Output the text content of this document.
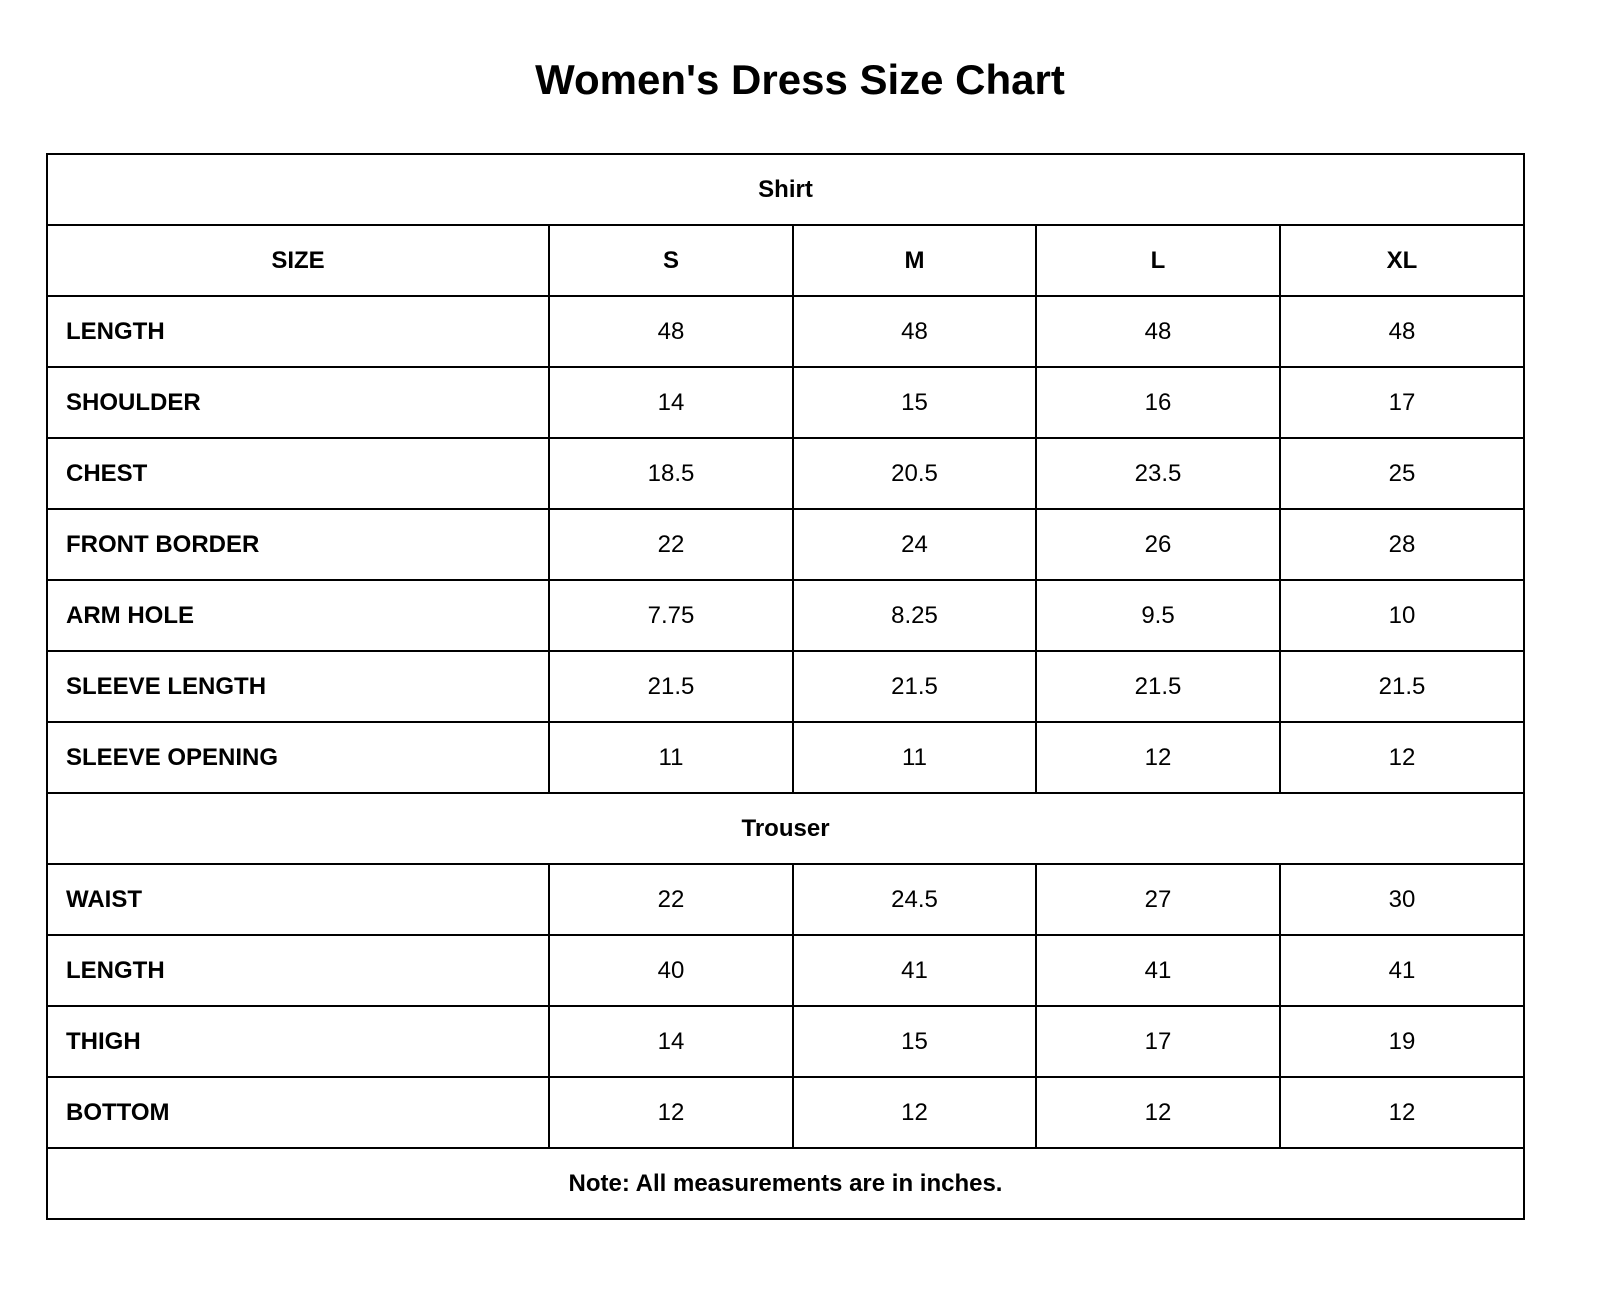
Women's Dress Size Chart
Shirt				
SIZE	S	M	L	XL
LENGTH	48	48	48	48
SHOULDER	14	15	16	17
CHEST	18.5	20.5	23.5	25
FRONT BORDER	22	24	26	28
ARM HOLE	7.75	8.25	9.5	10
SLEEVE LENGTH	21.5	21.5	21.5	21.5
SLEEVE OPENING	11	11	12	12
Trouser				
WAIST	22	24.5	27	30
LENGTH	40	41	41	41
THIGH	14	15	17	19
BOTTOM	12	12	12	12
Note: All measurements are in inches.				
